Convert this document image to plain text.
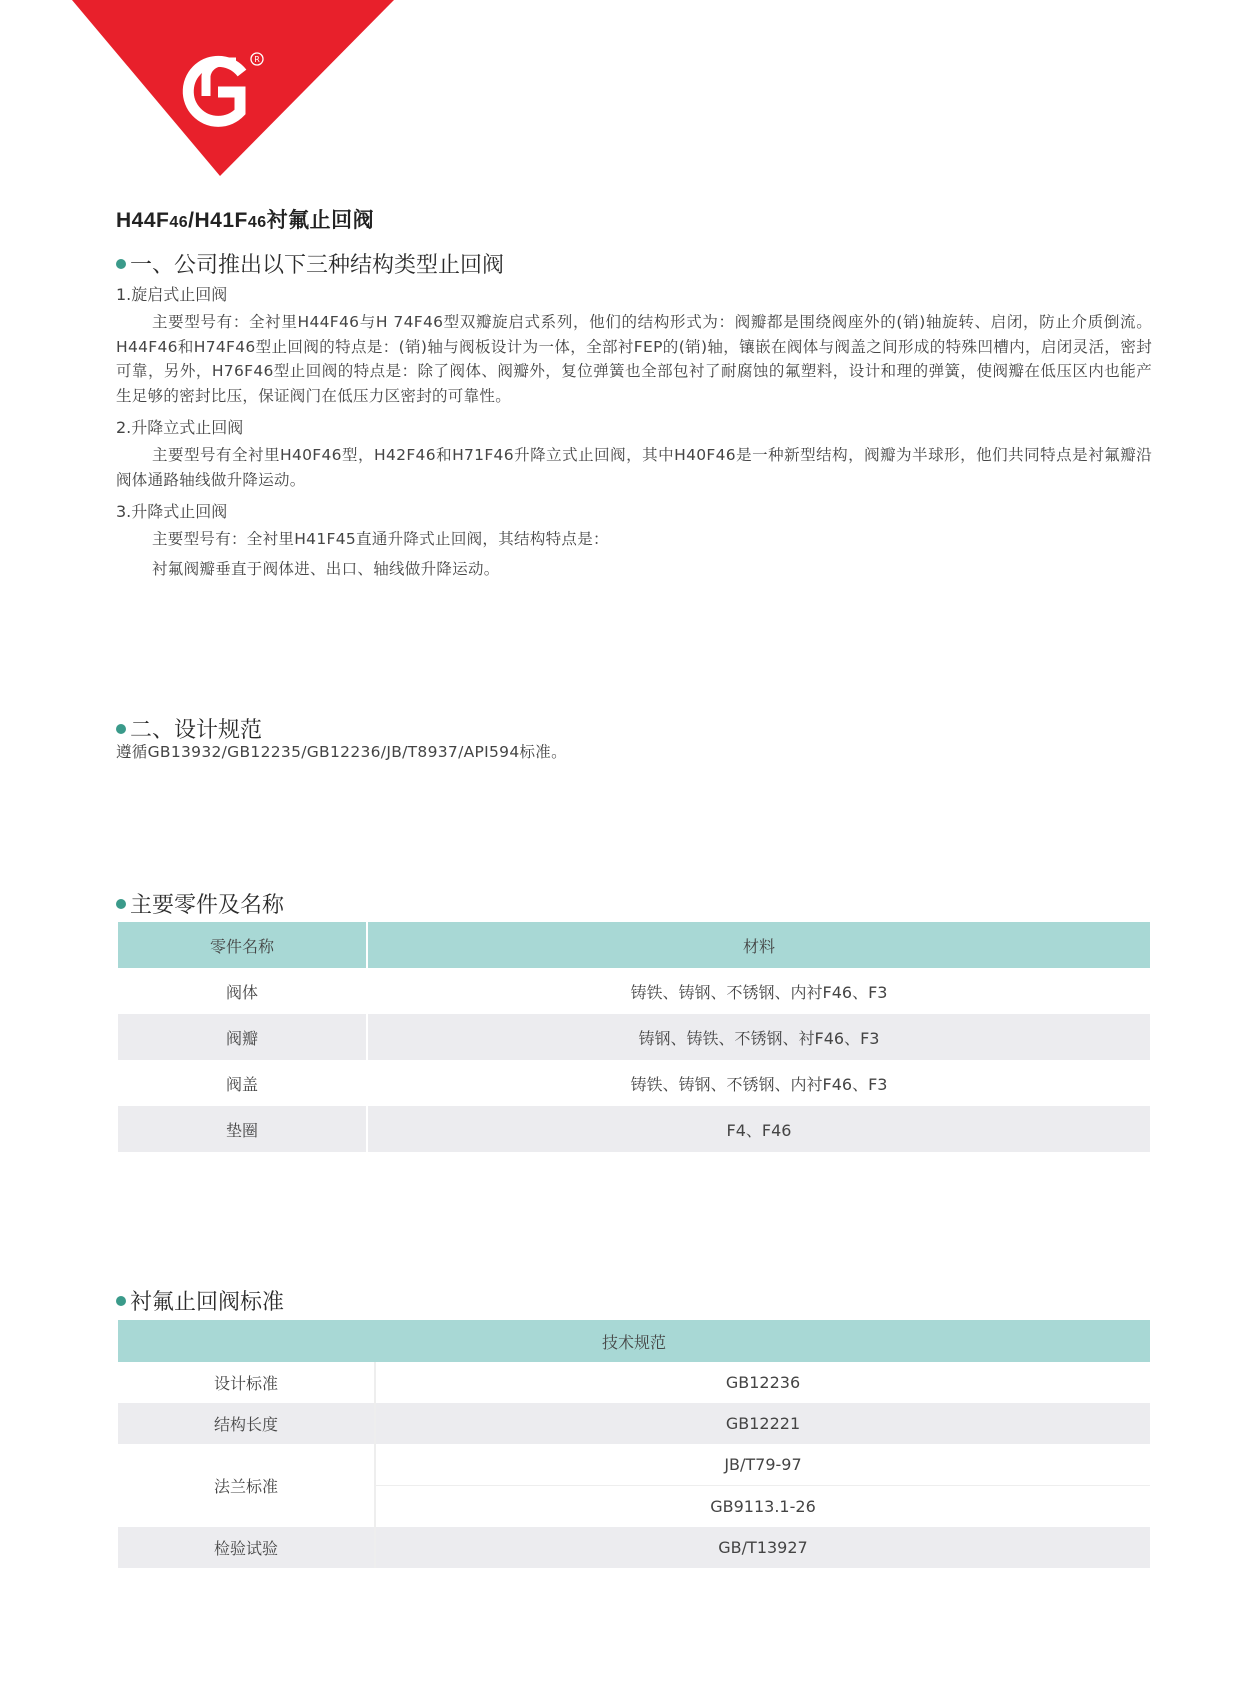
R
H44F46/H41F46衬氟止回阀
一、公司推出以下三种结构类型止回阀

1.旋启式止回阀

主要型号有：全衬里H44F46与H 74F46型双瓣旋启式系列，他们的结构形式为：阀瓣都是围绕阀座外的(销)轴旋转、启闭，防止介质倒流。H44F46和H74F46型止回阀的特点是：(销)轴与阀板设计为一体，全部衬FEP的(销)轴，镶嵌在阀体与阀盖之间形成的特殊凹槽内，启闭灵活，密封可靠，另外，H76F46型止回阀的特点是：除了阀体、阀瓣外，复位弹簧也全部包衬了耐腐蚀的氟塑料，设计和理的弹簧，使阀瓣在低压区内也能产生足够的密封比压，保证阀门在低压力区密封的可靠性。

2.升降立式止回阀

主要型号有全衬里H40F46型，H42F46和H71F46升降立式止回阀，其中H40F46是一种新型结构，阀瓣为半球形，他们共同特点是衬氟瓣沿阀体通路轴线做升降运动。

3.升降式止回阀

主要型号有：全衬里H41F45直通升降式止回阀，其结构特点是：

衬氟阀瓣垂直于阀体进、出口、轴线做升降运动。

二、设计规范

遵循GB13932/GB12235/GB12236/JB/T8937/API594标准。

主要零件及名称
零件名称	材料
阀体	铸铁、铸钢、不锈钢、内衬F46、F3
阀瓣	铸钢、铸铁、不锈钢、衬F46、F3
阀盖	铸铁、铸钢、不锈钢、内衬F46、F3
垫圈	F4、F46
衬氟止回阀标准
技术规范	
设计标准	GB12236
结构长度	GB12221
法兰标准	JB/T79-97
	GB9113.1-26
检验试验	GB/T13927
